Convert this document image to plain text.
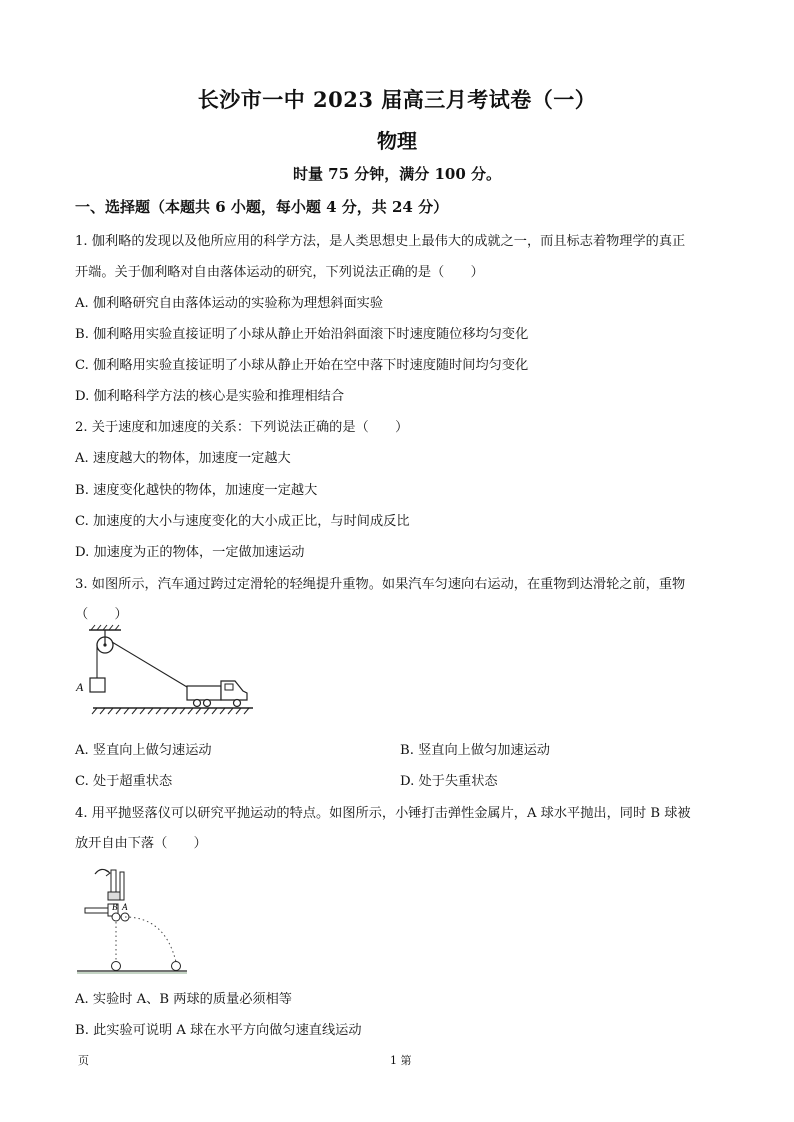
长沙市一中 2023 届高三月考试卷（一）
物理
时量 75 分钟，满分 100 分。
一、选择题（本题共 6 小题，每小题 4 分，共 24 分）
1. 伽利略的发现以及他所应用的科学方法，是人类思想史上最伟大的成就之一，而且标志着物理学的真正
开端。关于伽利略对自由落体运动的研究，下列说法正确的是（　　）
A. 伽利略研究自由落体运动的实验称为理想斜面实验
B. 伽利略用实验直接证明了小球从静止开始沿斜面滚下时速度随位移均匀变化
C. 伽利略用实验直接证明了小球从静止开始在空中落下时速度随时间均匀变化
D. 伽利略科学方法的核心是实验和推理相结合
2. 关于速度和加速度的关系：下列说法正确的是（　　）
A. 速度越大的物体，加速度一定越大
B. 速度变化越快的物体，加速度一定越大
C. 加速度的大小与速度变化的大小成正比，与时间成反比
D. 加速度为正的物体，一定做加速运动
3. 如图所示，汽车通过跨过定滑轮的轻绳提升重物。如果汽车匀速向右运动，在重物到达滑轮之前，重物
（　　）
A
A. 竖直向上做匀速运动	B. 竖直向上做匀加速运动
C. 处于超重状态	D. 处于失重状态
4. 用平抛竖落仪可以研究平抛运动的特点。如图所示，小锤打击弹性金属片，A 球水平抛出，同时 B 球被
放开自由下落（　　）
B A
A. 实验时 A、B 两球的质量必须相等
B. 此实验可说明 A 球在水平方向做匀速直线运动
页	1 第
